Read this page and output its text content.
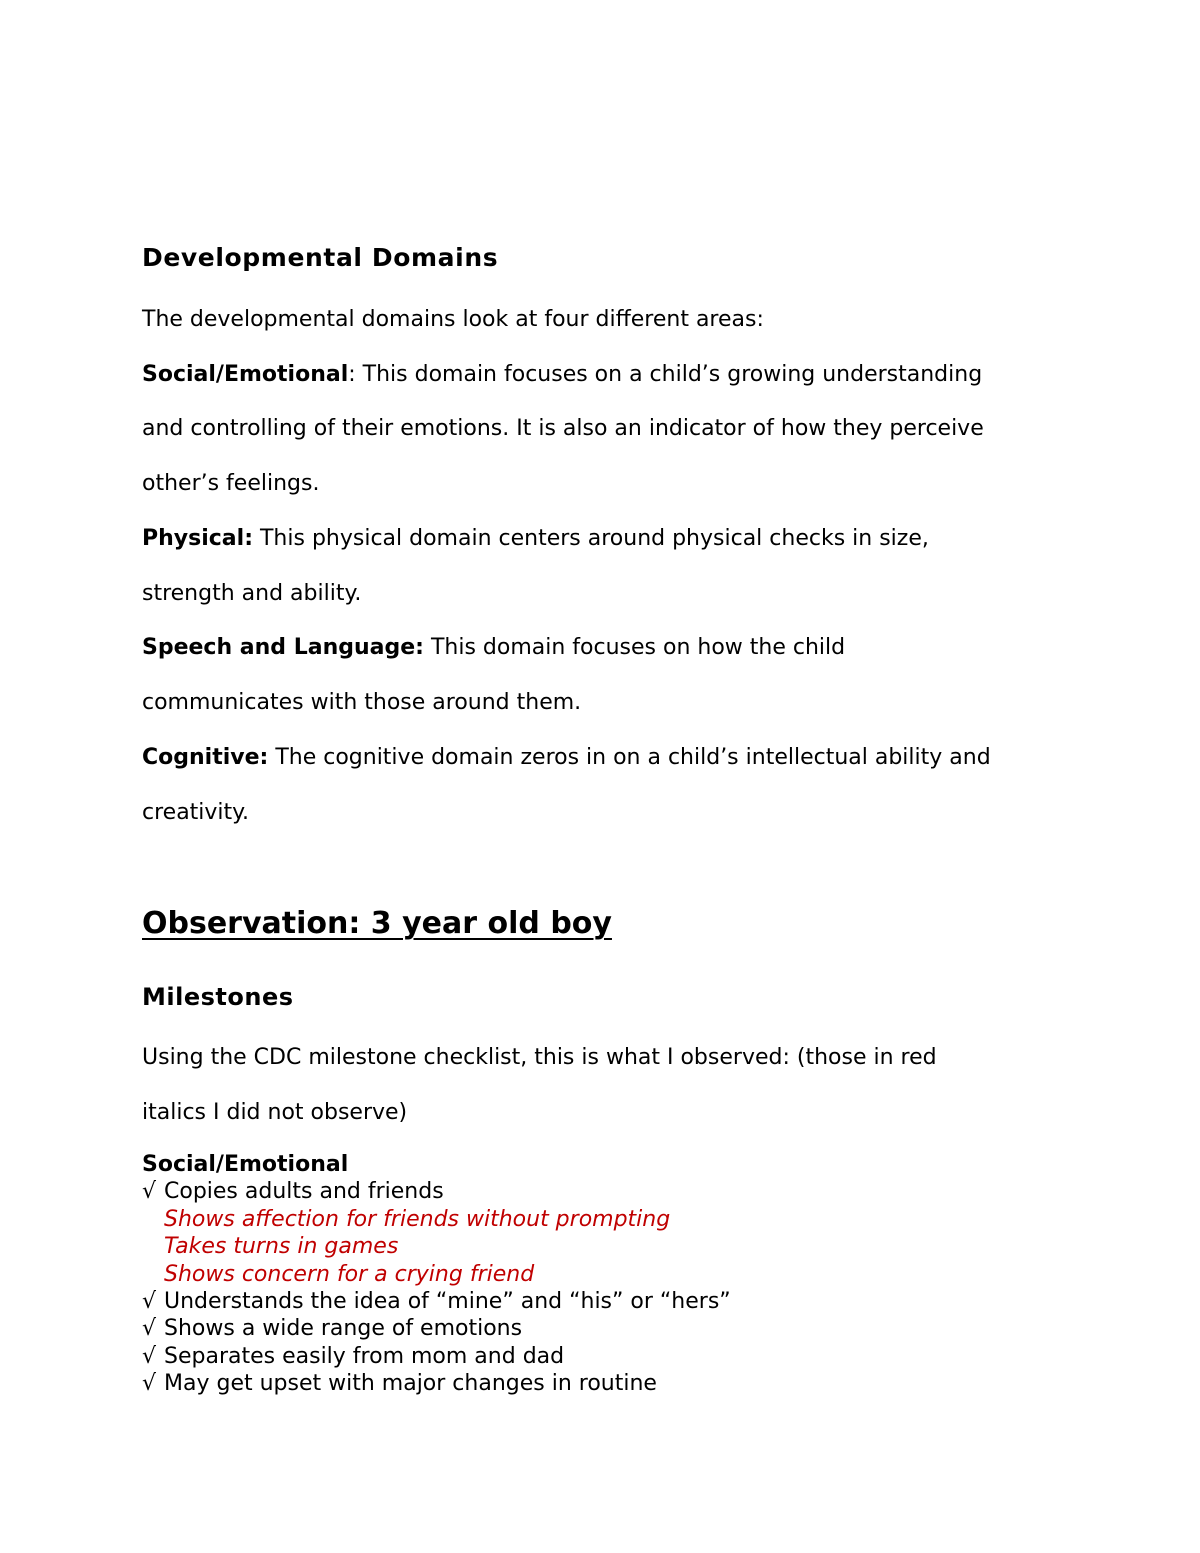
Developmental Domains
The developmental domains look at four different areas:
Social/Emotional: This domain focuses on a child’s growing understanding
and controlling of their emotions. It is also an indicator of how they perceive
other’s feelings.
Physical: This physical domain centers around physical checks in size,
strength and ability.
Speech and Language: This domain focuses on how the child
communicates with those around them.
Cognitive: The cognitive domain zeros in on a child’s intellectual ability and
creativity.
Observation: 3 year old boy
Milestones
Using the CDC milestone checklist, this is what I observed: (those in red
italics I did not observe)
Social/Emotional
√ Copies adults and friends
Shows affection for friends without prompting
Takes turns in games
Shows concern for a crying friend
√ Understands the idea of “mine” and “his” or “hers”
√ Shows a wide range of emotions
√ Separates easily from mom and dad
√ May get upset with major changes in routine
